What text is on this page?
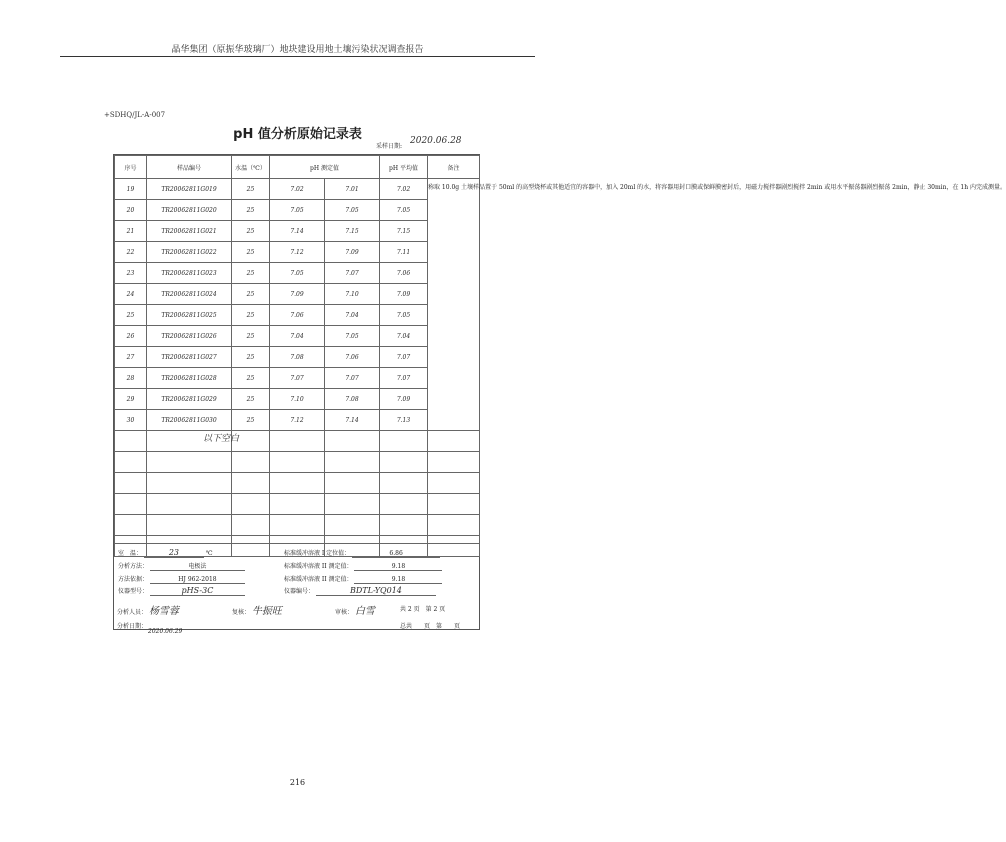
晶华集团（原振华玻璃厂）地块建设用地土壤污染状况调查报告
+SDHQ/JL-A-007
pH 值分析原始记录表
采样日期:
2020.06.28
序号	样品编号	水温（℃）	pH 测定值		pH 平均值	备注
19	TR20062811G019	25	7.02	7.01	7.02	称取 10.0g 土壤样品置于 50ml 的高型烧杯或其他适宜的容器中，加入 20ml 的水，将容器用封口膜或保鲜膜密封后，用磁力搅拌器剧烈搅拌 2min 或用水平振荡器剧烈振荡 2min，静止 30min，在 1h 内完成测量。
20	TR20062811G020	25	7.05	7.05	7.05	
21	TR20062811G021	25	7.14	7.15	7.15	
22	TR20062811G022	25	7.12	7.09	7.11	
23	TR20062811G023	25	7.05	7.07	7.06	
24	TR20062811G024	25	7.09	7.10	7.09	
25	TR20062811G025	25	7.06	7.04	7.05	
26	TR20062811G026	25	7.04	7.05	7.04	
27	TR20062811G027	25	7.08	7.06	7.07	
28	TR20062811G028	25	7.07	7.07	7.07	
29	TR20062811G029	25	7.10	7.08	7.09	
30	TR20062811G030	25	7.12	7.14	7.13	

以下空白
室　温：	23	℃
分析方法：	电极法
方法依据：	HJ 962-2018
仪器型号：	pHS-3C
标准缓冲溶液 I 定位值：	6.86
标准缓冲溶液 II 测定值：	9.18
标准缓冲溶液 II 测定值：	9.18
仪器编号：	BDTL-YQ014
分析人员： 杨雪蓉	复核： 牛振旺	审核： 白雪	共 2 页　第 2 页
分析日期：
2020.06.29
总共　　页　第　　页
216
